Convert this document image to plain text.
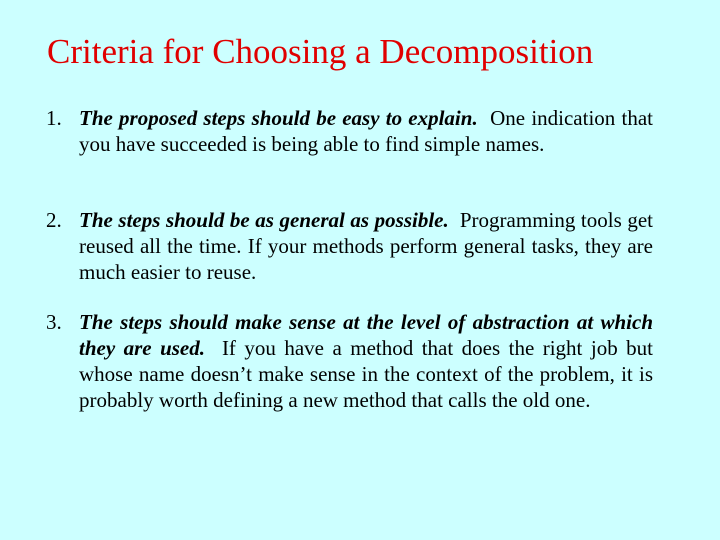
Criteria for Choosing a Decomposition
1. The proposed steps should be easy to explain. One indication that you have succeeded is being able to find simple names.
2. The steps should be as general as possible. Programming tools get reused all the time. If your methods perform general tasks, they are much easier to reuse.
3. The steps should make sense at the level of abstraction at which they are used. If you have a method that does the right job but whose name doesn’t make sense in the context of the problem, it is probably worth defining a new method that calls the old one.
